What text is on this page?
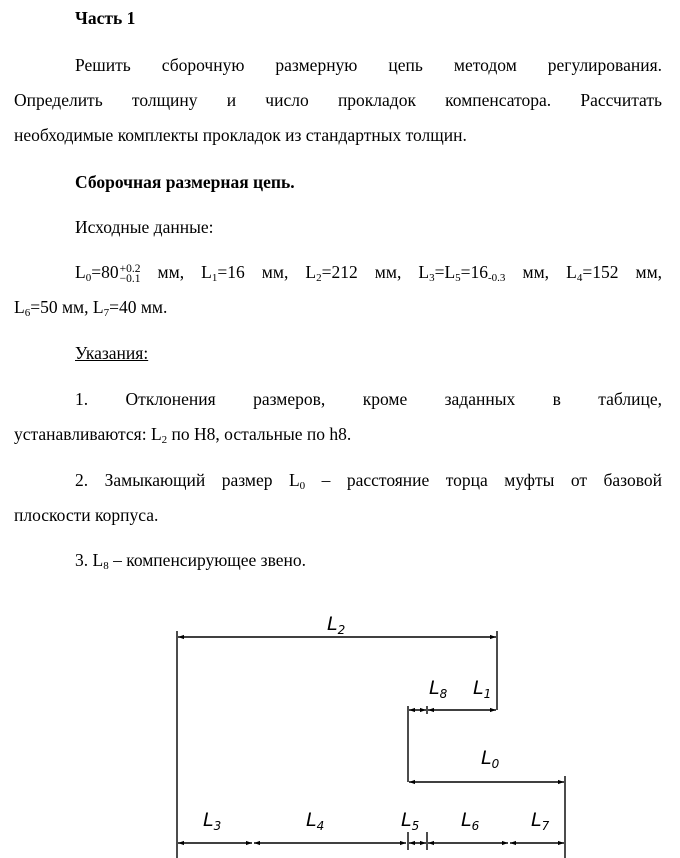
Часть 1
Решить сборочную размерную цепь методом регулирования.
Определить толщину и число прокладок компенсатора. Рассчитать
необходимые комплекты прокладок из стандартных толщин.
Сборочная размерная цепь.
Исходные данные:
$L_0=80 +0.2$
−0.1 мм, $L_1=16$ мм, $L_2=212$ мм, $L_3=L_5=16_{-0.3}$ мм, $L_4=152$ мм,
$L_6=50$ мм, $L_7=40$ мм.
Указания:
1. Отклонения размеров, кроме заданных в таблице,
устанавливаются: $L_2$ по H8, остальные по h8.
2. Замыкающий размер $L_0$ – расстояние торца муфты от базовой
плоскости корпуса.
3. $L_8$ – компенсирующее звено.
$L_2$
$L_8$ $L_1$
$L_0$
$L_3$	$L_4$	$L_5$ $L_6$	$L_7$
